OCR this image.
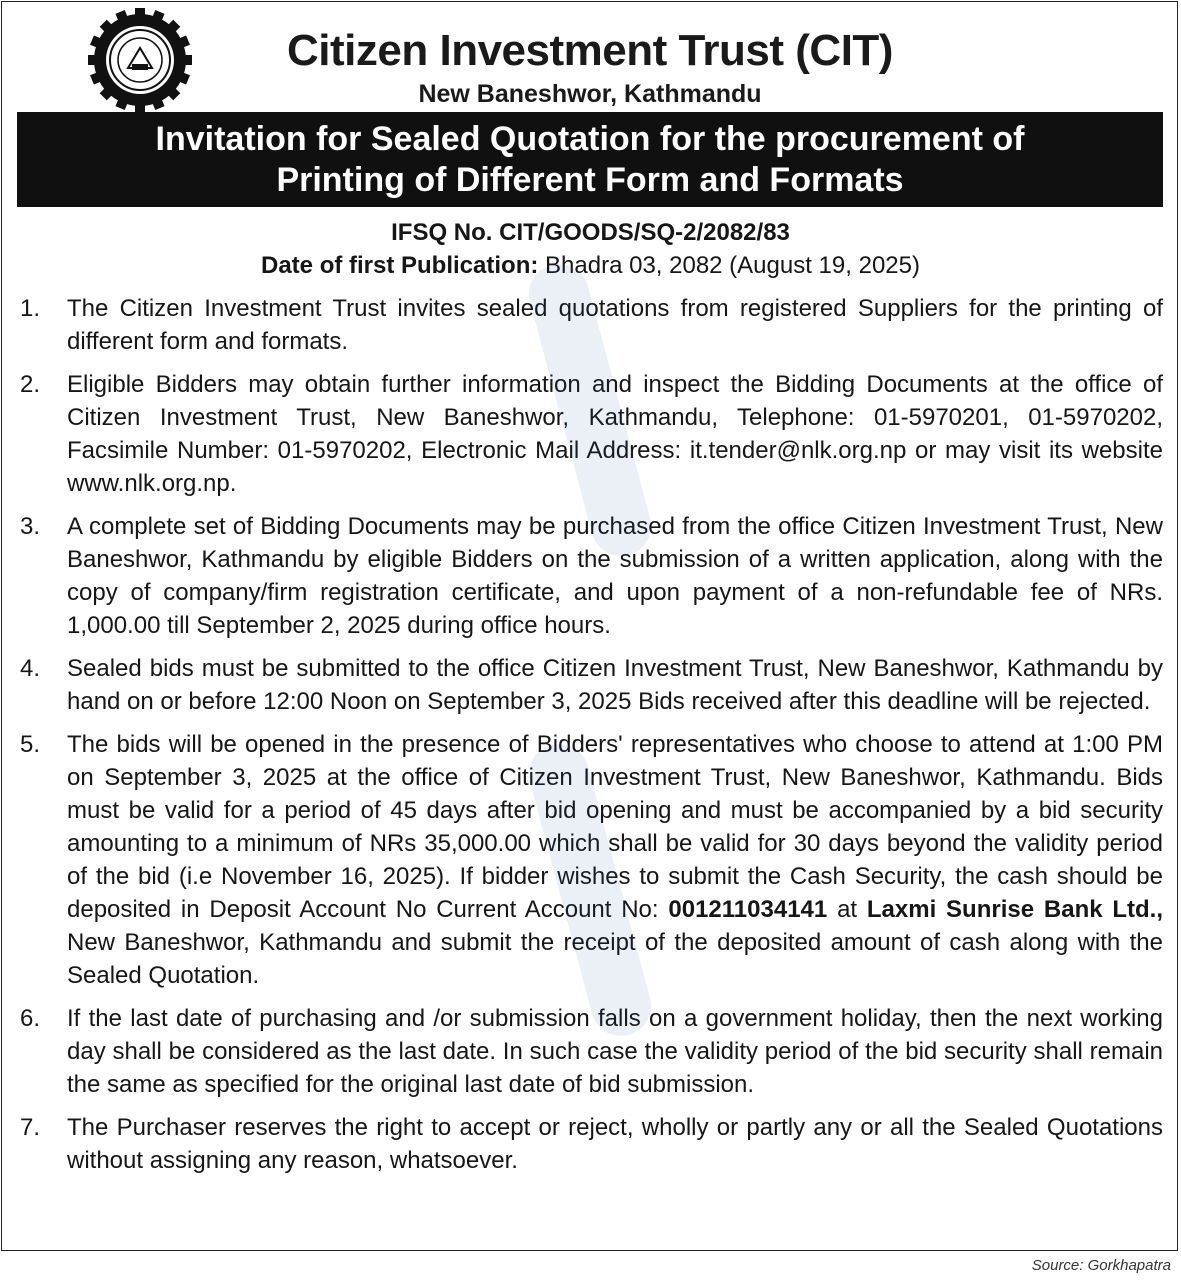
Citizen Investment Trust (CIT)
New Baneshwor, Kathmandu
Invitation for Sealed Quotation for the procurement of
Printing of Different Form and Formats
IFSQ No. CIT/GOODS/SQ-2/2082/83
Date of first Publication: Bhadra 03, 2082 (August 19, 2025)
1. The Citizen Investment Trust invites sealed quotations from registered Suppliers for the printing of different form and formats.
2. Eligible Bidders may obtain further information and inspect the Bidding Documents at the office of Citizen Investment Trust, New Baneshwor, Kathmandu, Telephone: 01-5970201, 01-5970202, Facsimile Number: 01-5970202, Electronic Mail Address: it.tender@nlk.org.np or may visit its website www.nlk.org.np.
3. A complete set of Bidding Documents may be purchased from the office Citizen Investment Trust, New Baneshwor, Kathmandu by eligible Bidders on the submission of a written application, along with the copy of company/firm registration certificate, and upon payment of a non-refundable fee of NRs. 1,000.00 till September 2, 2025 during office hours.
4. Sealed bids must be submitted to the office Citizen Investment Trust, New Baneshwor, Kathmandu by hand on or before 12:00 Noon on September 3, 2025 Bids received after this deadline will be rejected.
5. The bids will be opened in the presence of Bidders' representatives who choose to attend at 1:00 PM on September 3, 2025 at the office of Citizen Investment Trust, New Baneshwor, Kathmandu. Bids must be valid for a period of 45 days after bid opening and must be accompanied by a bid security amounting to a minimum of NRs 35,000.00 which shall be valid for 30 days beyond the validity period of the bid (i.e November 16, 2025). If bidder wishes to submit the Cash Security, the cash should be deposited in Deposit Account No Current Account No: 001211034141 at Laxmi Sunrise Bank Ltd., New Baneshwor, Kathmandu and submit the receipt of the deposited amount of cash along with the Sealed Quotation.
6. If the last date of purchasing and /or submission falls on a government holiday, then the next working day shall be considered as the last date. In such case the validity period of the bid security shall remain the same as specified for the original last date of bid submission.
7. The Purchaser reserves the right to accept or reject, wholly or partly any or all the Sealed Quotations without assigning any reason, whatsoever.
Source: Gorkhapatra
